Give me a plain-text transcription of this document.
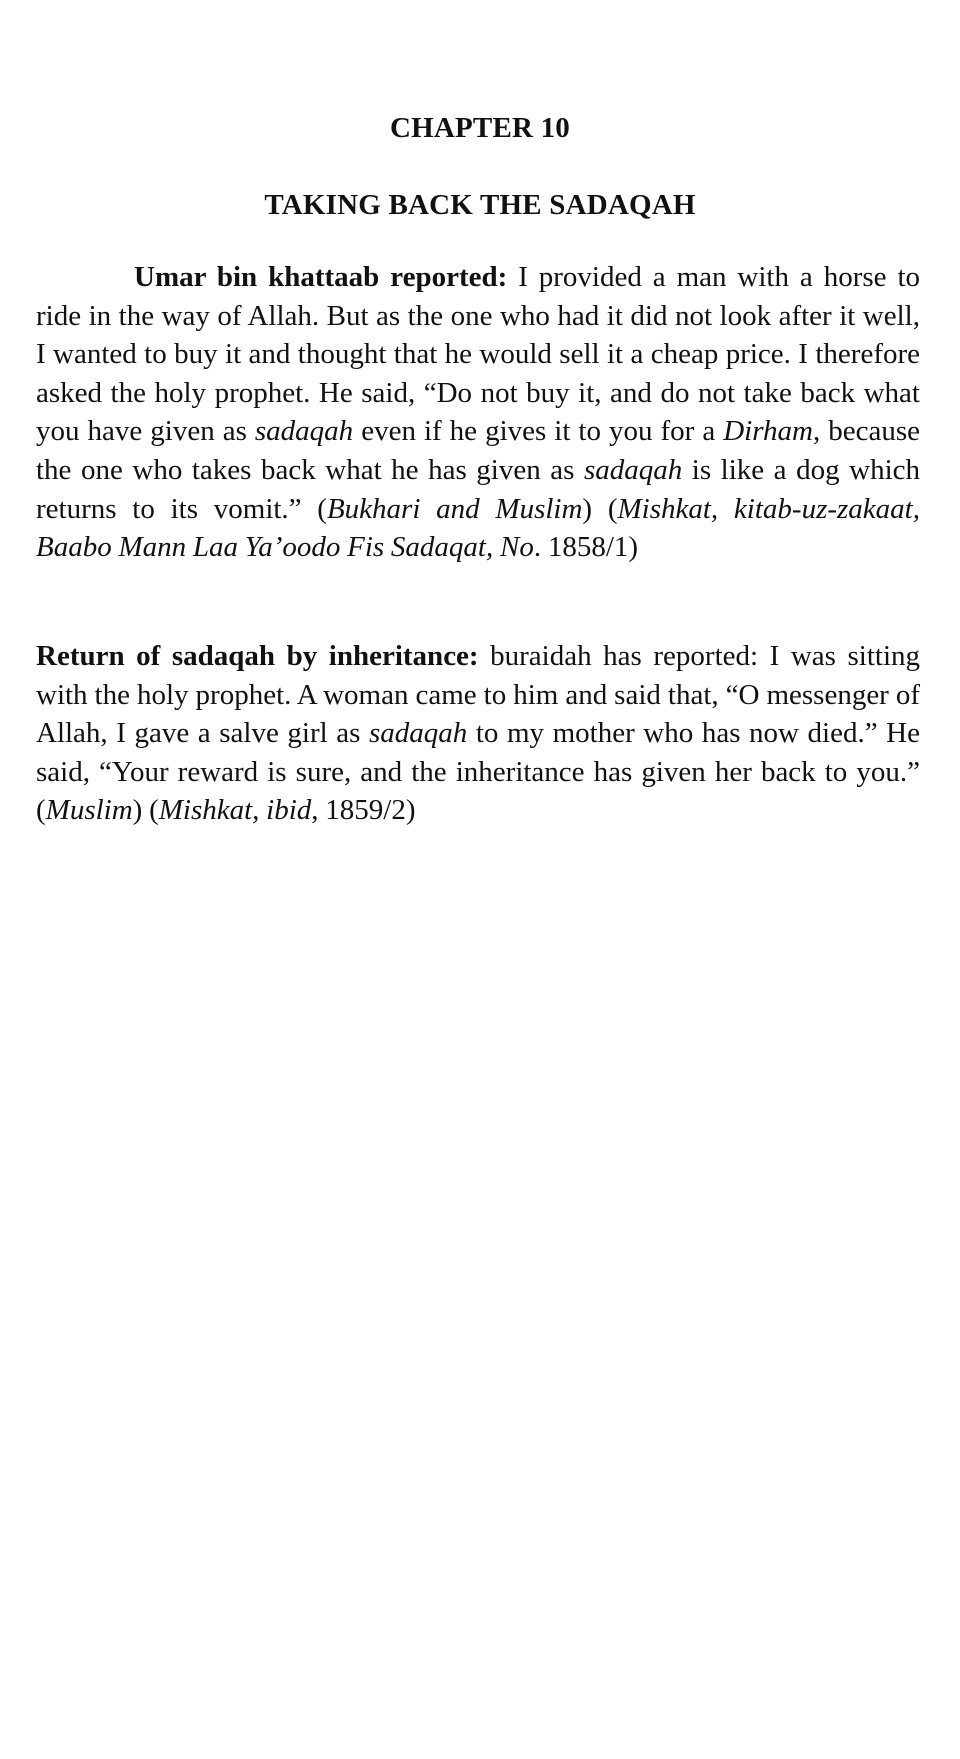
CHAPTER 10
TAKING BACK THE SADAQAH

Umar bin khattaab reported: I provided a man with a horse to ride in the way of Allah. But as the one who had it did not look after it well, I wanted to buy it and thought that he would sell it a cheap price. I therefore asked the holy prophet. He said, “Do not buy it, and do not take back what you have given as sadaqah even if he gives it to you for a Dirham, because the one who takes back what he has given as sadaqah is like a dog which returns to its vomit.” (Bukhari and Muslim) (Mishkat, kitab-uz-zakaat, Baabo Mann Laa Ya’oodo Fis Sadaqat, No. 1858/1)

Return of sadaqah by inheritance: buraidah has reported: I was sitting with the holy prophet. A woman came to him and said that, “O messenger of Allah, I gave a salve girl as sadaqah to my mother who has now died.” He said, “Your reward is sure, and the inheritance has given her back to you.” (Muslim) (Mishkat, ibid, 1859/2)
